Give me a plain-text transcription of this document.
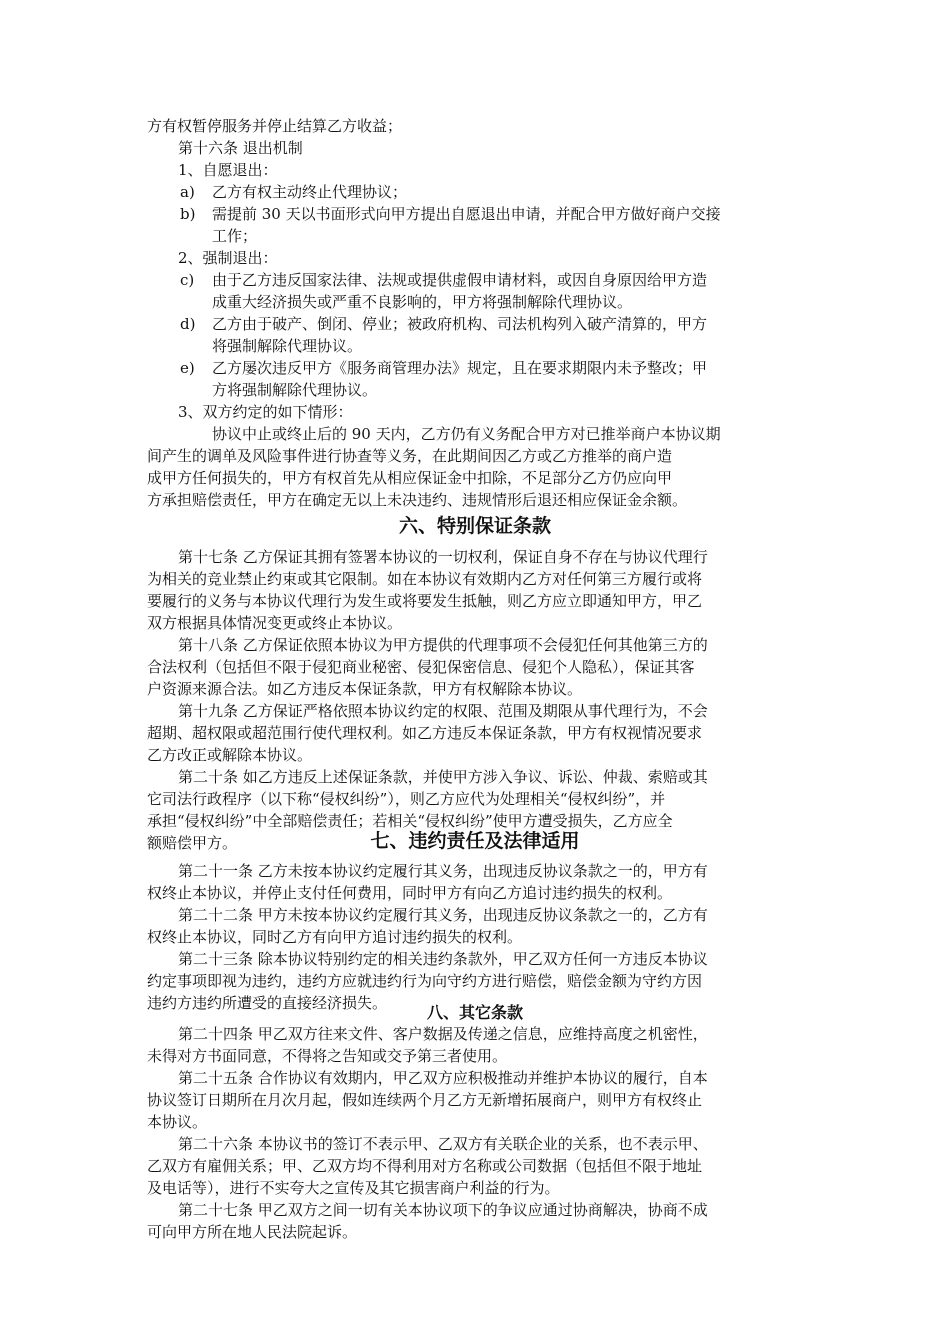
方有权暂停服务并停止结算乙方收益；
第十六条 退出机制
1、自愿退出：
a) 乙方有权主动终止代理协议；
b) 需提前 30 天以书面形式向甲方提出自愿退出申请，并配合甲方做好商户交接
工作；
2、强制退出：
c) 由于乙方违反国家法律、法规或提供虚假申请材料，或因自身原因给甲方造
成重大经济损失或严重不良影响的，甲方将强制解除代理协议。
d) 乙方由于破产、倒闭、停业；被政府机构、司法机构列入破产清算的，甲方
将强制解除代理协议。
e) 乙方屡次违反甲方《服务商管理办法》规定，且在要求期限内未予整改；甲
方将强制解除代理协议。
3、双方约定的如下情形：
协议中止或终止后的 90 天内，乙方仍有义务配合甲方对已推举商户本协议期
间产生的调单及风险事件进行协查等义务，在此期间因乙方或乙方推举的商户造
成甲方任何损失的，甲方有权首先从相应保证金中扣除，不足部分乙方仍应向甲
方承担赔偿责任，甲方在确定无以上未决违约、违规情形后退还相应保证金余额。
六、特别保证条款
第十七条 乙方保证其拥有签署本协议的一切权利，保证自身不存在与协议代理行
为相关的竞业禁止约束或其它限制。如在本协议有效期内乙方对任何第三方履行或将
要履行的义务与本协议代理行为发生或将要发生抵触，则乙方应立即通知甲方，甲乙
双方根据具体情况变更或终止本协议。
第十八条 乙方保证依照本协议为甲方提供的代理事项不会侵犯任何其他第三方的
合法权利（包括但不限于侵犯商业秘密、侵犯保密信息、侵犯个人隐私），保证其客
户资源来源合法。如乙方违反本保证条款，甲方有权解除本协议。
第十九条 乙方保证严格依照本协议约定的权限、范围及期限从事代理行为，不会
超期、超权限或超范围行使代理权利。如乙方违反本保证条款，甲方有权视情况要求
乙方改正或解除本协议。
第二十条 如乙方违反上述保证条款，并使甲方涉入争议、诉讼、仲裁、索赔或其
它司法行政程序（以下称“侵权纠纷”），则乙方应代为处理相关“侵权纠纷”，并
承担“侵权纠纷”中全部赔偿责任；若相关“侵权纠纷”使甲方遭受损失，乙方应全
额赔偿甲方。	七、违约责任及法律适用
第二十一条 乙方未按本协议约定履行其义务，出现违反协议条款之一的，甲方有
权终止本协议，并停止支付任何费用，同时甲方有向乙方追讨违约损失的权利。
第二十二条 甲方未按本协议约定履行其义务，出现违反协议条款之一的，乙方有
权终止本协议，同时乙方有向甲方追讨违约损失的权利。
第二十三条 除本协议特别约定的相关违约条款外，甲乙双方任何一方违反本协议
约定事项即视为违约，违约方应就违约行为向守约方进行赔偿，赔偿金额为守约方因
违约方违约所遭受的直接经济损失。	八、其它条款
第二十四条 甲乙双方往来文件、客户数据及传递之信息，应维持高度之机密性，
未得对方书面同意，不得将之告知或交予第三者使用。
第二十五条 合作协议有效期内，甲乙双方应积极推动并维护本协议的履行，自本
协议签订日期所在月次月起，假如连续两个月乙方无新增拓展商户，则甲方有权终止
本协议。
第二十六条 本协议书的签订不表示甲、乙双方有关联企业的关系，也不表示甲、
乙双方有雇佣关系；甲、乙双方均不得利用对方名称或公司数据（包括但不限于地址
及电话等），进行不实夸大之宣传及其它损害商户利益的行为。
第二十七条 甲乙双方之间一切有关本协议项下的争议应通过协商解决，协商不成
可向甲方所在地人民法院起诉。
